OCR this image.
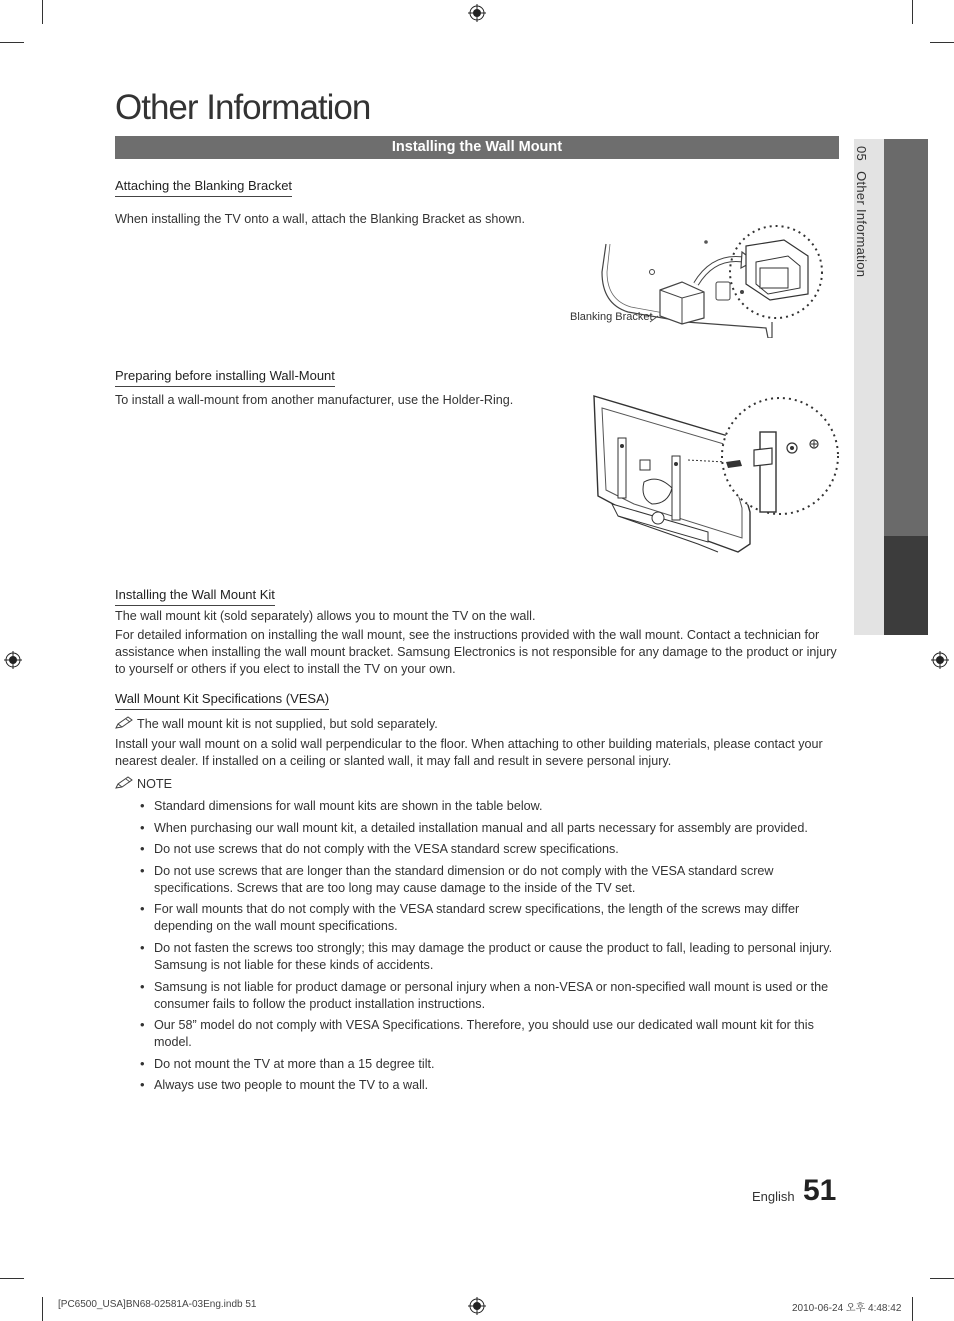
05Other Information
Other Information
Installing the Wall Mount
Attaching the Blanking Bracket
When installing the TV onto a wall, attach the Blanking Bracket as shown.
Blanking Bracket
Preparing before installing Wall-Mount
To install a wall-mount from another manufacturer, use the Holder-Ring.
Installing the Wall Mount Kit
The wall mount kit (sold separately) allows you to mount the TV on the wall.
For detailed information on installing the wall mount, see the instructions provided with the wall mount. Contact a technician for assistance when installing the wall mount bracket. Samsung Electronics is not responsible for any damage to the product or injury to yourself or others if you elect to install the TV on your own.
Wall Mount Kit Specifications (VESA)
The wall mount kit is not supplied, but sold separately.
Install your wall mount on a solid wall perpendicular to the floor. When attaching to other building materials, please contact your nearest dealer. If installed on a ceiling or slanted wall, it may fall and result in severe personal injury.
NOTE
• Standard dimensions for wall mount kits are shown in the table below.
• When purchasing our wall mount kit, a detailed installation manual and all parts necessary for assembly are provided.
• Do not use screws that do not comply with the VESA standard screw specifications.
• Do not use screws that are longer than the standard dimension or do not comply with the VESA standard screw specifications. Screws that are too long may cause damage to the inside of the TV set.
• For wall mounts that do not comply with the VESA standard screw specifications, the length of the screws may differ depending on the wall mount specifications.
• Do not fasten the screws too strongly; this may damage the product or cause the product to fall, leading to personal injury. Samsung is not liable for these kinds of accidents.
• Samsung is not liable for product damage or personal injury when a non-VESA or non-specified wall mount is used or the consumer fails to follow the product installation instructions.
• Our 58” model do not comply with VESA Specifications. Therefore, you should use our dedicated wall mount kit for this model.
• Do not mount the TV at more than a 15 degree tilt.
• Always use two people to mount the TV to a wall.
English 51
[PC6500_USA]BN68-02581A-03Eng.indb 51	2010-06-24 오후 4:48:42
